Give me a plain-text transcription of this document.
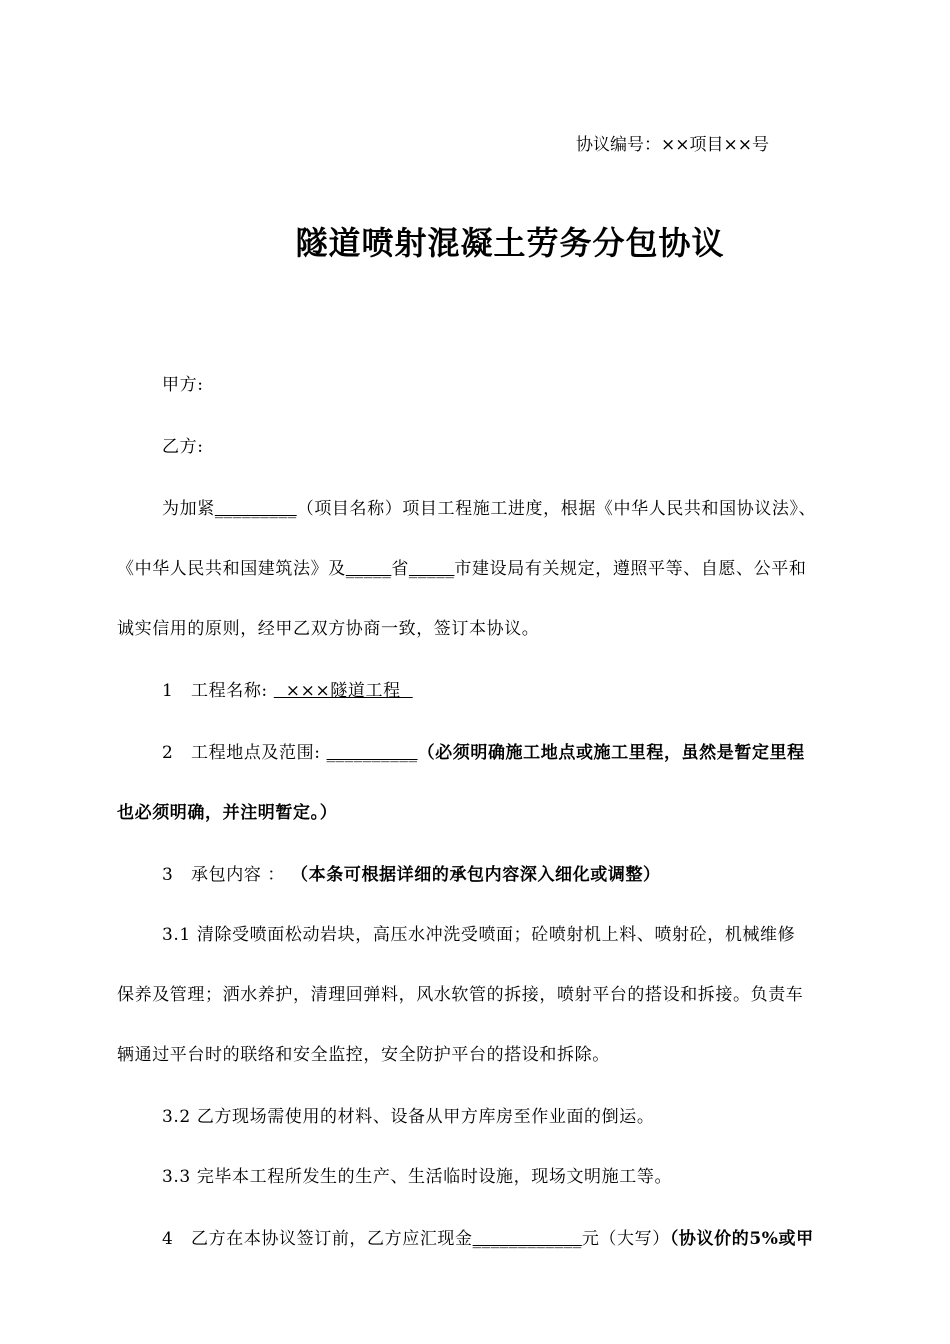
协议编号：××项目××号
隧道喷射混凝土劳务分包协议
甲方:
乙方:
为加紧_________（项目名称）项目工程施工进度，根据《中华人民共和国协议法》、
《中华人民共和国建筑法》及_____省_____市建设局有关规定，遵照平等、自愿、公平和
诚实信用的原则，经甲乙双方协商一致，签订本协议。
1　工程名称:   ×××隧道工程
2　工程地点及范围: __________（必须明确施工地点或施工里程，虽然是暂定里程
也必须明确，并注明暂定。）
3　承包内容 ： （本条可根据详细的承包内容深入细化或调整）
3.1 清除受喷面松动岩块，高压水冲洗受喷面；砼喷射机上料、喷射砼，机械维修
保养及管理；洒水养护，清理回弹料，风水软管的拆接，喷射平台的搭设和拆接。负责车
辆通过平台时的联络和安全监控，安全防护平台的搭设和拆除。
3.2 乙方现场需使用的材料、设备从甲方库房至作业面的倒运。
3.3 完毕本工程所发生的生产、生活临时设施，现场文明施工等。
4　乙方在本协议签订前，乙方应汇现金____________元（大写）（协议价的5%或甲
